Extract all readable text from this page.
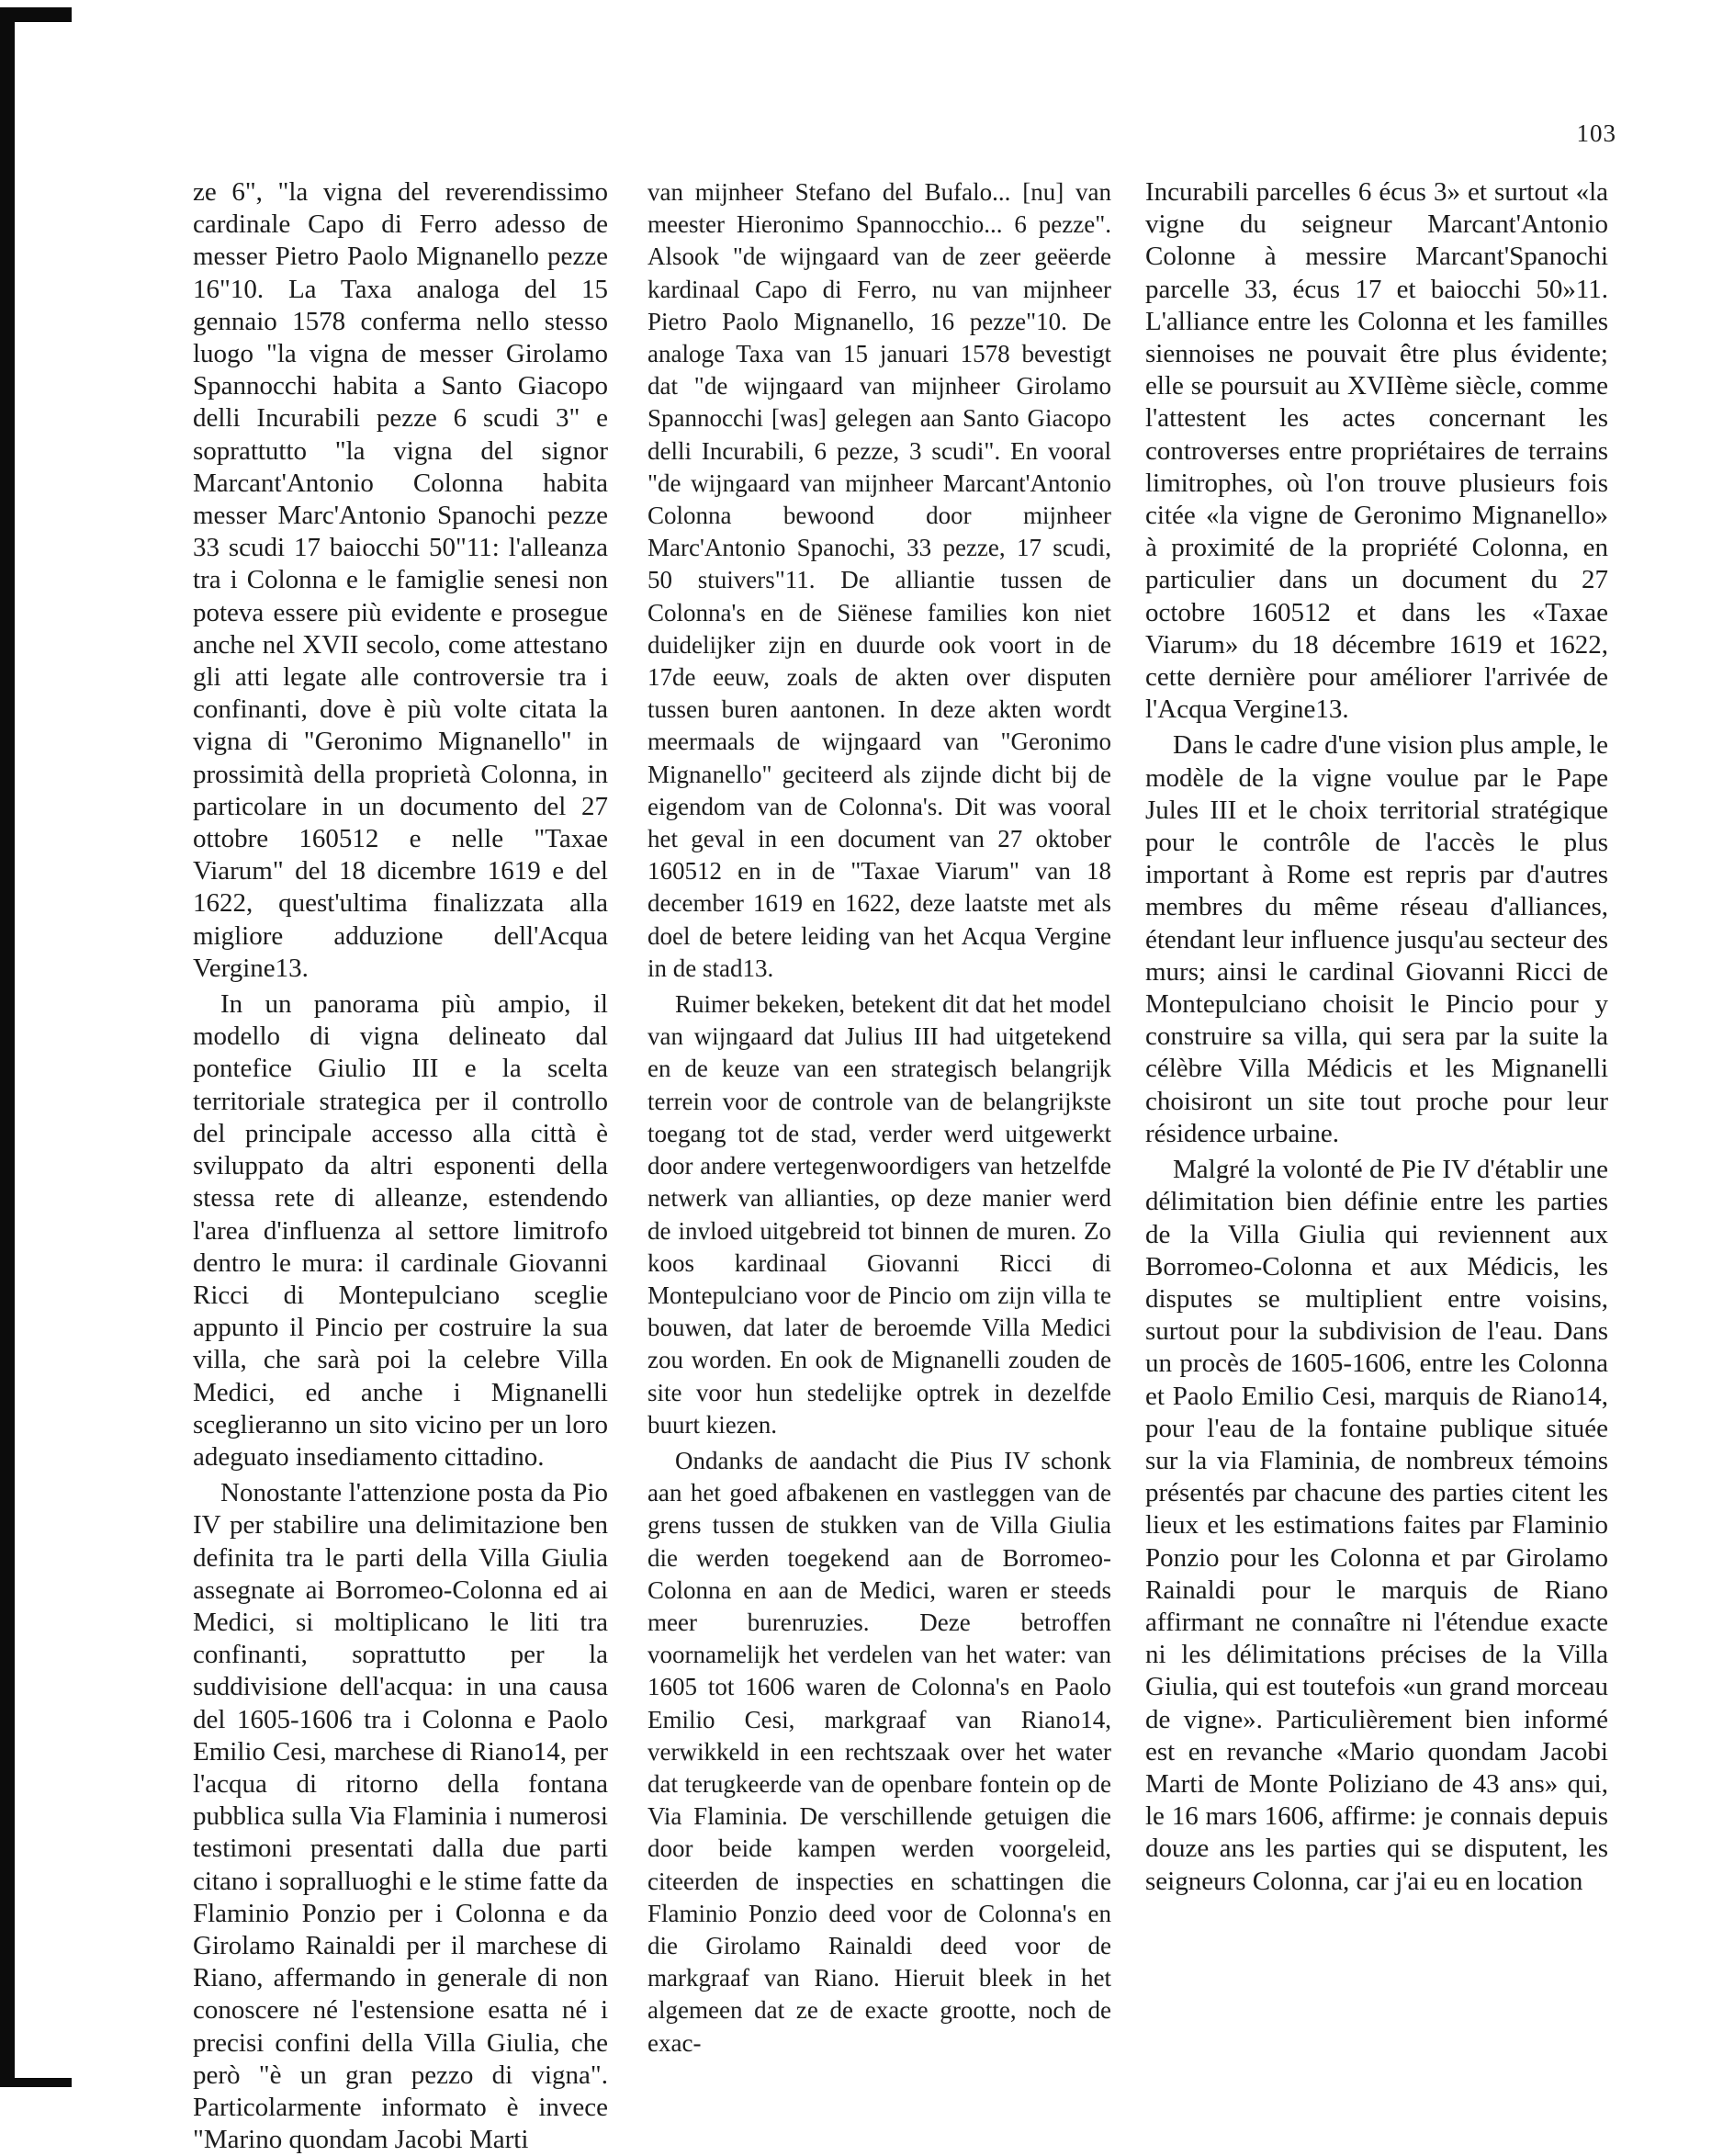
103

ze 6", "la vigna del reverendissimo cardinale Capo di Ferro adesso de messer Pietro Paolo Mignanello pezze 16"10. La Taxa analoga del 15 gennaio 1578 conferma nello stesso luogo "la vigna de messer Girolamo Spannocchi habita a Santo Giacopo delli Incurabili pezze 6 scudi 3" e soprattutto "la vigna del signor Marcant'Antonio Colonna habita messer Marc'Antonio Spanochi pezze 33 scudi 17 baiocchi 50"11: l'alleanza tra i Colonna e le famiglie senesi non poteva essere più evidente e prosegue anche nel XVII secolo, come attestano gli atti legate alle controversie tra i confinanti, dove è più volte citata la vigna di "Geronimo Mignanello" in prossimità della proprietà Colonna, in particolare in un documento del 27 ottobre 160512 e nelle "Taxae Viarum" del 18 dicembre 1619 e del 1622, quest'ultima finalizzata alla migliore adduzione dell'Acqua Vergine13.

In un panorama più ampio, il modello di vigna delineato dal pontefice Giulio III e la scelta territoriale strategica per il controllo del principale accesso alla città è sviluppato da altri esponenti della stessa rete di alleanze, estendendo l'area d'influenza al settore limitrofo dentro le mura: il cardinale Giovanni Ricci di Montepulciano sceglie appunto il Pincio per costruire la sua villa, che sarà poi la celebre Villa Medici, ed anche i Mignanelli sceglieranno un sito vicino per un loro adeguato insediamento cittadino.

Nonostante l'attenzione posta da Pio IV per stabilire una delimitazione ben definita tra le parti della Villa Giulia assegnate ai Borromeo-Colonna ed ai Medici, si moltiplicano le liti tra confinanti, soprattutto per la suddivisione dell'acqua: in una causa del 1605-1606 tra i Colonna e Paolo Emilio Cesi, marchese di Riano14, per l'acqua di ritorno della fontana pubblica sulla Via Flaminia i numerosi testimoni presentati dalla due parti citano i sopralluoghi e le stime fatte da Flaminio Ponzio per i Colonna e da Girolamo Rainaldi per il marchese di Riano, affermando in generale di non conoscere né l'estensione esatta né i precisi confini della Villa Giulia, che però "è un gran pezzo di vigna". Particolarmente informato è invece "Marino quondam Jacobi Marti

van mijnheer Stefano del Bufalo... [nu] van meester Hieronimo Spannocchio... 6 pezze". Alsook "de wijngaard van de zeer geëerde kardinaal Capo di Ferro, nu van mijnheer Pietro Paolo Mignanello, 16 pezze"10. De analoge Taxa van 15 januari 1578 bevestigt dat "de wijngaard van mijnheer Girolamo Spannocchi [was] gelegen aan Santo Giacopo delli Incurabili, 6 pezze, 3 scudi". En vooral "de wijngaard van mijnheer Marcant'Antonio Colonna bewoond door mijnheer Marc'Antonio Spanochi, 33 pezze, 17 scudi, 50 stuivers"11. De alliantie tussen de Colonna's en de Siënese families kon niet duidelijker zijn en duurde ook voort in de 17de eeuw, zoals de akten over disputen tussen buren aantonen. In deze akten wordt meermaals de wijngaard van "Geronimo Mignanello" geciteerd als zijnde dicht bij de eigendom van de Colonna's. Dit was vooral het geval in een document van 27 oktober 160512 en in de "Taxae Viarum" van 18 december 1619 en 1622, deze laatste met als doel de betere leiding van het Acqua Vergine in de stad13.

Ruimer bekeken, betekent dit dat het model van wijngaard dat Julius III had uitgetekend en de keuze van een strategisch belangrijk terrein voor de controle van de belangrijkste toegang tot de stad, verder werd uitgewerkt door andere vertegenwoordigers van hetzelfde netwerk van allianties, op deze manier werd de invloed uitgebreid tot binnen de muren. Zo koos kardinaal Giovanni Ricci di Montepulciano voor de Pincio om zijn villa te bouwen, dat later de beroemde Villa Medici zou worden. En ook de Mignanelli zouden de site voor hun stedelijke optrek in dezelfde buurt kiezen.

Ondanks de aandacht die Pius IV schonk aan het goed afbakenen en vastleggen van de grens tussen de stukken van de Villa Giulia die werden toegekend aan de Borromeo-Colonna en aan de Medici, waren er steeds meer burenruzies. Deze betroffen voornamelijk het verdelen van het water: van 1605 tot 1606 waren de Colonna's en Paolo Emilio Cesi, markgraaf van Riano14, verwikkeld in een rechtszaak over het water dat terugkeerde van de openbare fontein op de Via Flaminia. De verschillende getuigen die door beide kampen werden voorgeleid, citeerden de inspecties en schattingen die Flaminio Ponzio deed voor de Colonna's en die Girolamo Rainaldi deed voor de markgraaf van Riano. Hieruit bleek in het algemeen dat ze de exacte grootte, noch de exac-

Incurabili parcelles 6 écus 3» et surtout «la vigne du seigneur Marcant'Antonio Colonne à messire Marcant'Spanochi parcelle 33, écus 17 et baiocchi 50»11. L'alliance entre les Colonna et les familles siennoises ne pouvait être plus évidente; elle se poursuit au XVIIème siècle, comme l'attestent les actes concernant les controverses entre propriétaires de terrains limitrophes, où l'on trouve plusieurs fois citée «la vigne de Geronimo Mignanello» à proximité de la propriété Colonna, en particulier dans un document du 27 octobre 160512 et dans les «Taxae Viarum» du 18 décembre 1619 et 1622, cette dernière pour améliorer l'arrivée de l'Acqua Vergine13.

Dans le cadre d'une vision plus ample, le modèle de la vigne voulue par le Pape Jules III et le choix territorial stratégique pour le contrôle de l'accès le plus important à Rome est repris par d'autres membres du même réseau d'alliances, étendant leur influence jusqu'au secteur des murs; ainsi le cardinal Giovanni Ricci de Montepulciano choisit le Pincio pour y construire sa villa, qui sera par la suite la célèbre Villa Médicis et les Mignanelli choisiront un site tout proche pour leur résidence urbaine.

Malgré la volonté de Pie IV d'établir une délimitation bien définie entre les parties de la Villa Giulia qui reviennent aux Borromeo-Colonna et aux Médicis, les disputes se multiplient entre voisins, surtout pour la subdivision de l'eau. Dans un procès de 1605-1606, entre les Colonna et Paolo Emilio Cesi, marquis de Riano14, pour l'eau de la fontaine publique située sur la via Flaminia, de nombreux témoins présentés par chacune des parties citent les lieux et les estimations faites par Flaminio Ponzio pour les Colonna et par Girolamo Rainaldi pour le marquis de Riano affirmant ne connaître ni l'étendue exacte ni les délimitations précises de la Villa Giulia, qui est toutefois «un grand morceau de vigne». Particulièrement bien informé est en revanche «Mario quondam Jacobi Marti de Monte Poliziano de 43 ans» qui, le 16 mars 1606, affirme: je connais depuis douze ans les parties qui se disputent, les seigneurs Colonna, car j'ai eu en location
